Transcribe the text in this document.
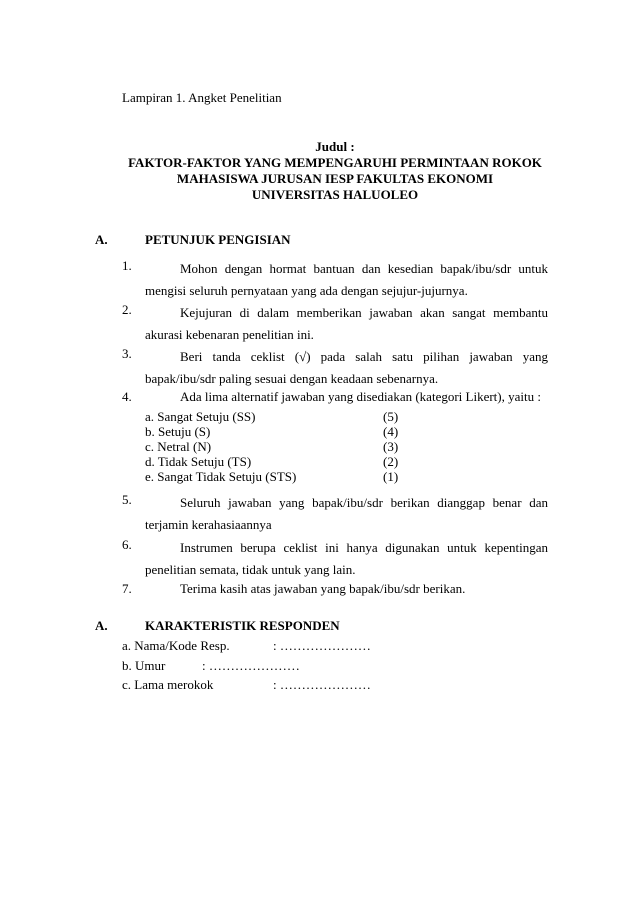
Lampiran 1. Angket Penelitian
Judul :
FAKTOR-FAKTOR YANG MEMPENGARUHI PERMINTAAN ROKOK
MAHASISWA JURUSAN IESP FAKULTAS EKONOMI
UNIVERSITAS HALUOLEO
A.	PETUNJUK PENGISIAN
1.	Mohon dengan hormat bantuan dan kesedian bapak/ibu/sdr untuk
mengisi seluruh pernyataan yang ada dengan sejujur-jujurnya.
2.	Kejujuran di dalam memberikan jawaban akan sangat membantu
akurasi kebenaran penelitian ini.
3.	Beri tanda ceklist (√) pada salah satu pilihan jawaban yang
bapak/ibu/sdr paling sesuai dengan keadaan sebenarnya.
4.	Ada lima alternatif jawaban yang disediakan (kategori Likert), yaitu :
a. Sangat Setuju (SS)	(5)
b. Setuju (S)	(4)
c. Netral (N)	(3)
d. Tidak Setuju (TS)	(2)
e. Sangat Tidak Setuju (STS)	(1)
5.	Seluruh jawaban yang bapak/ibu/sdr berikan dianggap benar dan
terjamin kerahasiaannya
6.	Instrumen berupa ceklist ini hanya digunakan untuk kepentingan
penelitian semata, tidak untuk yang lain.
7.	Terima kasih atas jawaban yang bapak/ibu/sdr berikan.
A.	KARAKTERISTIK RESPONDEN
a. Nama/Kode Resp.	: …………………
b. Umur	: …………………
c. Lama merokok	: …………………
